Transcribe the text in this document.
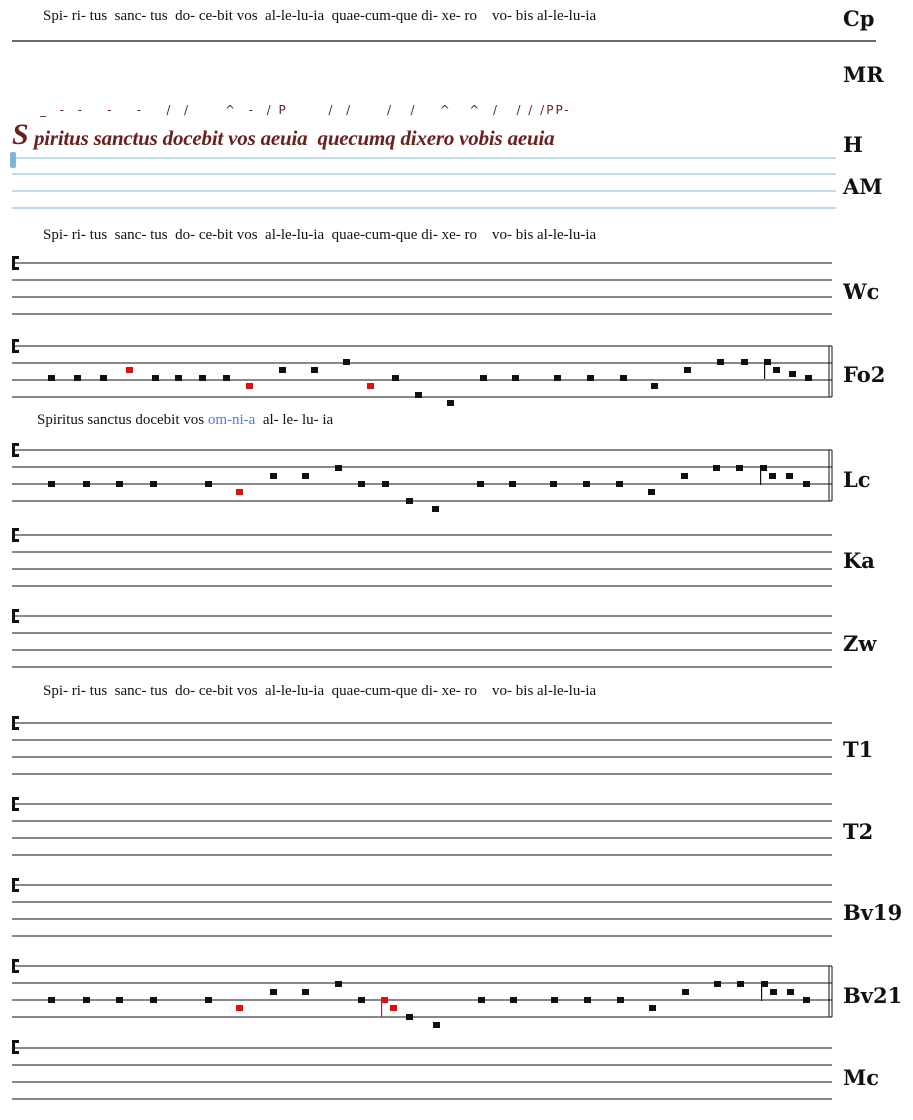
Spi- ri- tus  sanc- tus  do- ce-bit vos  al-le-lu-ia  quae-cum-que di- xe- ro    vo- bis al-le-lu-ia	Cp
MR
_  -  -    -    -    /  /      ^  -  / P       /  /      /   /    ^   ^  /   / / /PP-
S piritus sanctus docebit vos aeuia  quecumq dixero vobis aeuia	H
AM
Spi- ri- tus  sanc- tus  do- ce-bit vos  al-le-lu-ia  quae-cum-que di- xe- ro    vo- bis al-le-lu-ia
Wc
Fo2
Spiritus sanctus docebit vos om-ni-a al- le- lu- ia
Lc
Ka
Zw
Spi- ri- tus  sanc- tus  do- ce-bit vos  al-le-lu-ia  quae-cum-que di- xe- ro    vo- bis al-le-lu-ia
T1
T2
Bv19
Bv21
Mc
